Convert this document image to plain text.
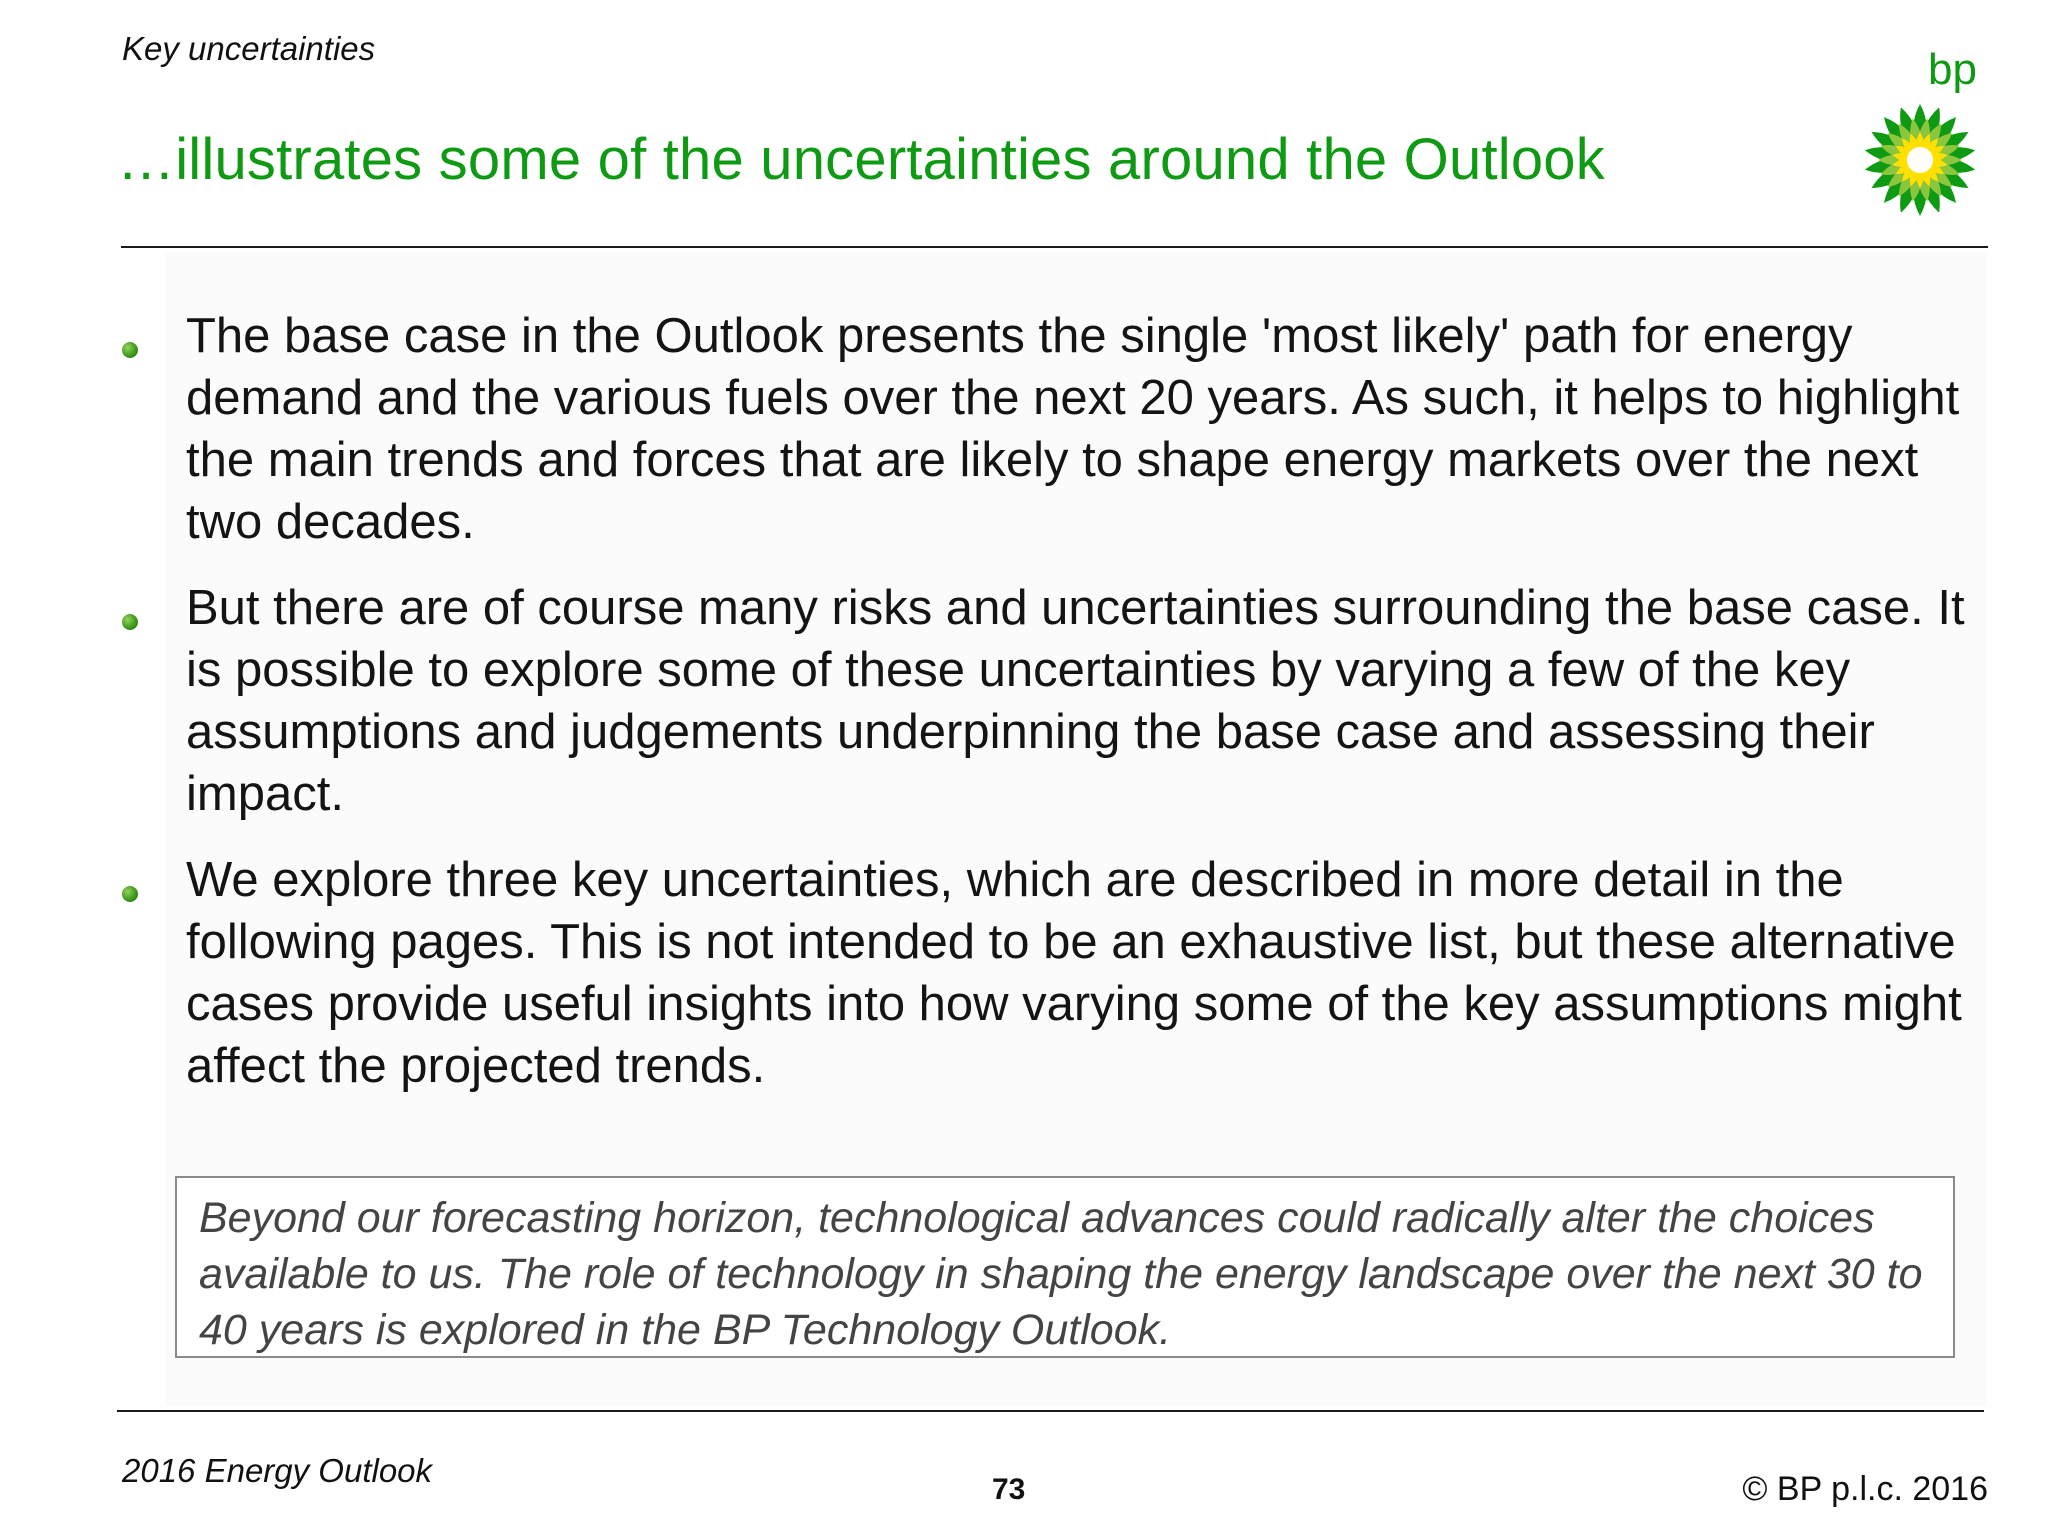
Key uncertainties
…illustrates some of the uncertainties around the Outlook
bp

The base case in the Outlook presents the single 'most likely' path for energy demand and the various fuels over the next 20 years. As such, it helps to highlight the main trends and forces that are likely to shape energy markets over the next two decades.

But there are of course many risks and uncertainties surrounding the base case. It is possible to explore some of these uncertainties by varying a few of the key assumptions and judgements underpinning the base case and assessing their impact.

We explore three key uncertainties, which are described in more detail in the following pages. This is not intended to be an exhaustive list, but these alternative cases provide useful insights into how varying some of the key assumptions might affect the projected trends.

Beyond our forecasting horizon, technological advances could radically alter the choices available to us. The role of technology in shaping the energy landscape over the next 30 to 40 years is explored in the BP Technology Outlook.

2016 Energy Outlook
73	© BP p.l.c. 2016
